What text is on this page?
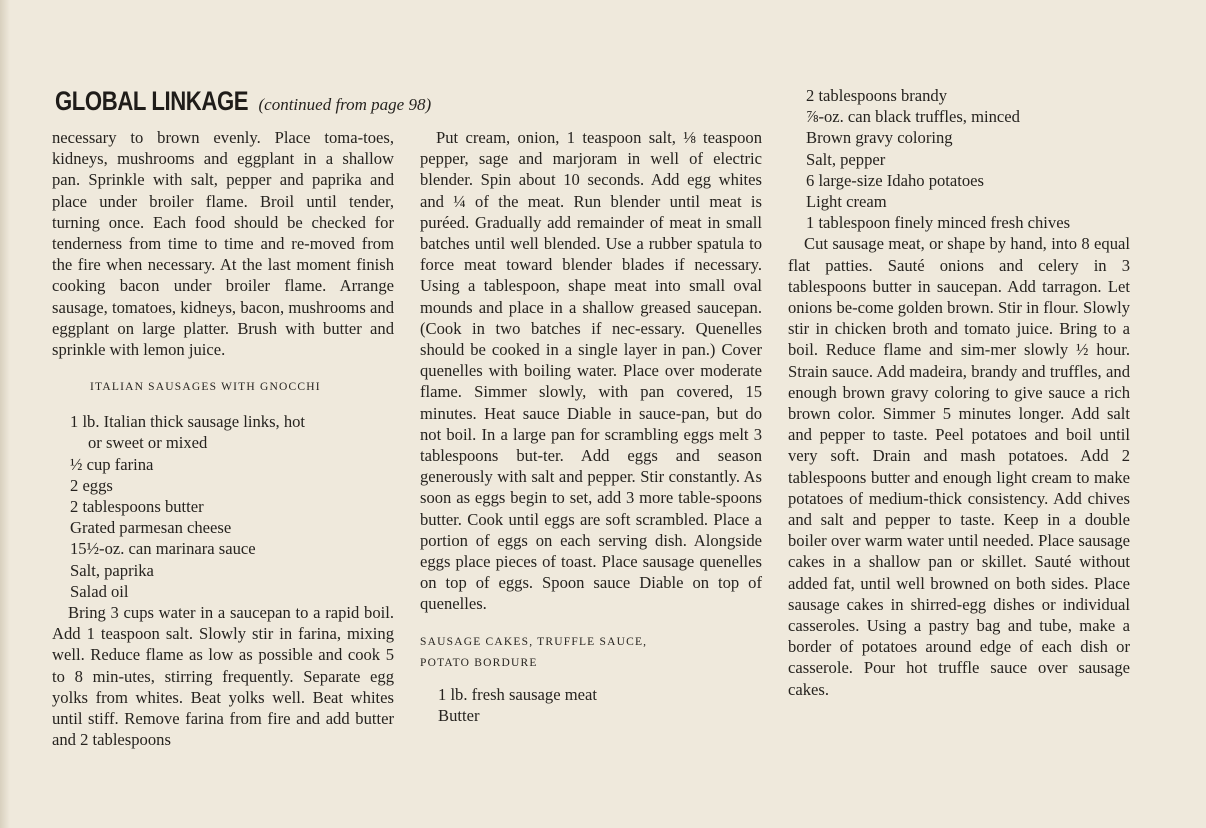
GLOBAL LINKAGE (continued from page 98)

necessary to brown evenly. Place toma-toes, kidneys, mushrooms and eggplant in a shallow pan. Sprinkle with salt, pepper and paprika and place under broiler flame. Broil until tender, turning once. Each food should be checked for tenderness from time to time and re-moved from the fire when necessary. At the last moment finish cooking bacon under broiler flame. Arrange sausage, tomatoes, kidneys, bacon, mushrooms and eggplant on large platter. Brush with butter and sprinkle with lemon juice.

ITALIAN SAUSAGES WITH GNOCCHI

1 lb. Italian thick sausage links, hot
or sweet or mixed
½ cup farina
2 eggs
2 tablespoons butter
Grated parmesan cheese
15½-oz. can marinara sauce
Salt, paprika
Salad oil

Bring 3 cups water in a saucepan to a rapid boil. Add 1 teaspoon salt. Slowly stir in farina, mixing well. Reduce flame as low as possible and cook 5 to 8 min-utes, stirring frequently. Separate egg yolks from whites. Beat yolks well. Beat whites until stiff. Remove farina from fire and add butter and 2 tablespoons

Put cream, onion, 1 teaspoon salt, ⅛ teaspoon pepper, sage and marjoram in well of electric blender. Spin about 10 seconds. Add egg whites and ¼ of the meat. Run blender until meat is puréed. Gradually add remainder of meat in small batches until well blended. Use a rubber spatula to force meat toward blender blades if necessary. Using a tablespoon, shape meat into small oval mounds and place in a shallow greased saucepan. (Cook in two batches if nec-essary. Quenelles should be cooked in a single layer in pan.) Cover quenelles with boiling water. Place over moderate flame. Simmer slowly, with pan covered, 15 minutes. Heat sauce Diable in sauce-pan, but do not boil. In a large pan for scrambling eggs melt 3 tablespoons but-ter. Add eggs and season generously with salt and pepper. Stir constantly. As soon as eggs begin to set, add 3 more table-spoons butter. Cook until eggs are soft scrambled. Place a portion of eggs on each serving dish. Alongside eggs place pieces of toast. Place sausage quenelles on top of eggs. Spoon sauce Diable on top of quenelles.

SAUSAGE CAKES, TRUFFLE SAUCE,

POTATO BORDURE

1 lb. fresh sausage meat
Butter
2 tablespoons brandy
⅞-oz. can black truffles, minced
Brown gravy coloring
Salt, pepper
6 large-size Idaho potatoes
Light cream
1 tablespoon finely minced fresh chives

Cut sausage meat, or shape by hand, into 8 equal flat patties. Sauté onions and celery in 3 tablespoons butter in saucepan. Add tarragon. Let onions be-come golden brown. Stir in flour. Slowly stir in chicken broth and tomato juice. Bring to a boil. Reduce flame and sim-mer slowly ½ hour. Strain sauce. Add madeira, brandy and truffles, and enough brown gravy coloring to give sauce a rich brown color. Simmer 5 minutes longer. Add salt and pepper to taste. Peel potatoes and boil until very soft. Drain and mash potatoes. Add 2 tablespoons butter and enough light cream to make potatoes of medium-thick consistency. Add chives and salt and pepper to taste. Keep in a double boiler over warm water until needed. Place sausage cakes in a shallow pan or skillet. Sauté without added fat, until well browned on both sides. Place sausage cakes in shirred-egg dishes or individual casseroles. Using a pastry bag and tube, make a border of potatoes around edge of each dish or casserole. Pour hot truffle sauce over sausage cakes.
